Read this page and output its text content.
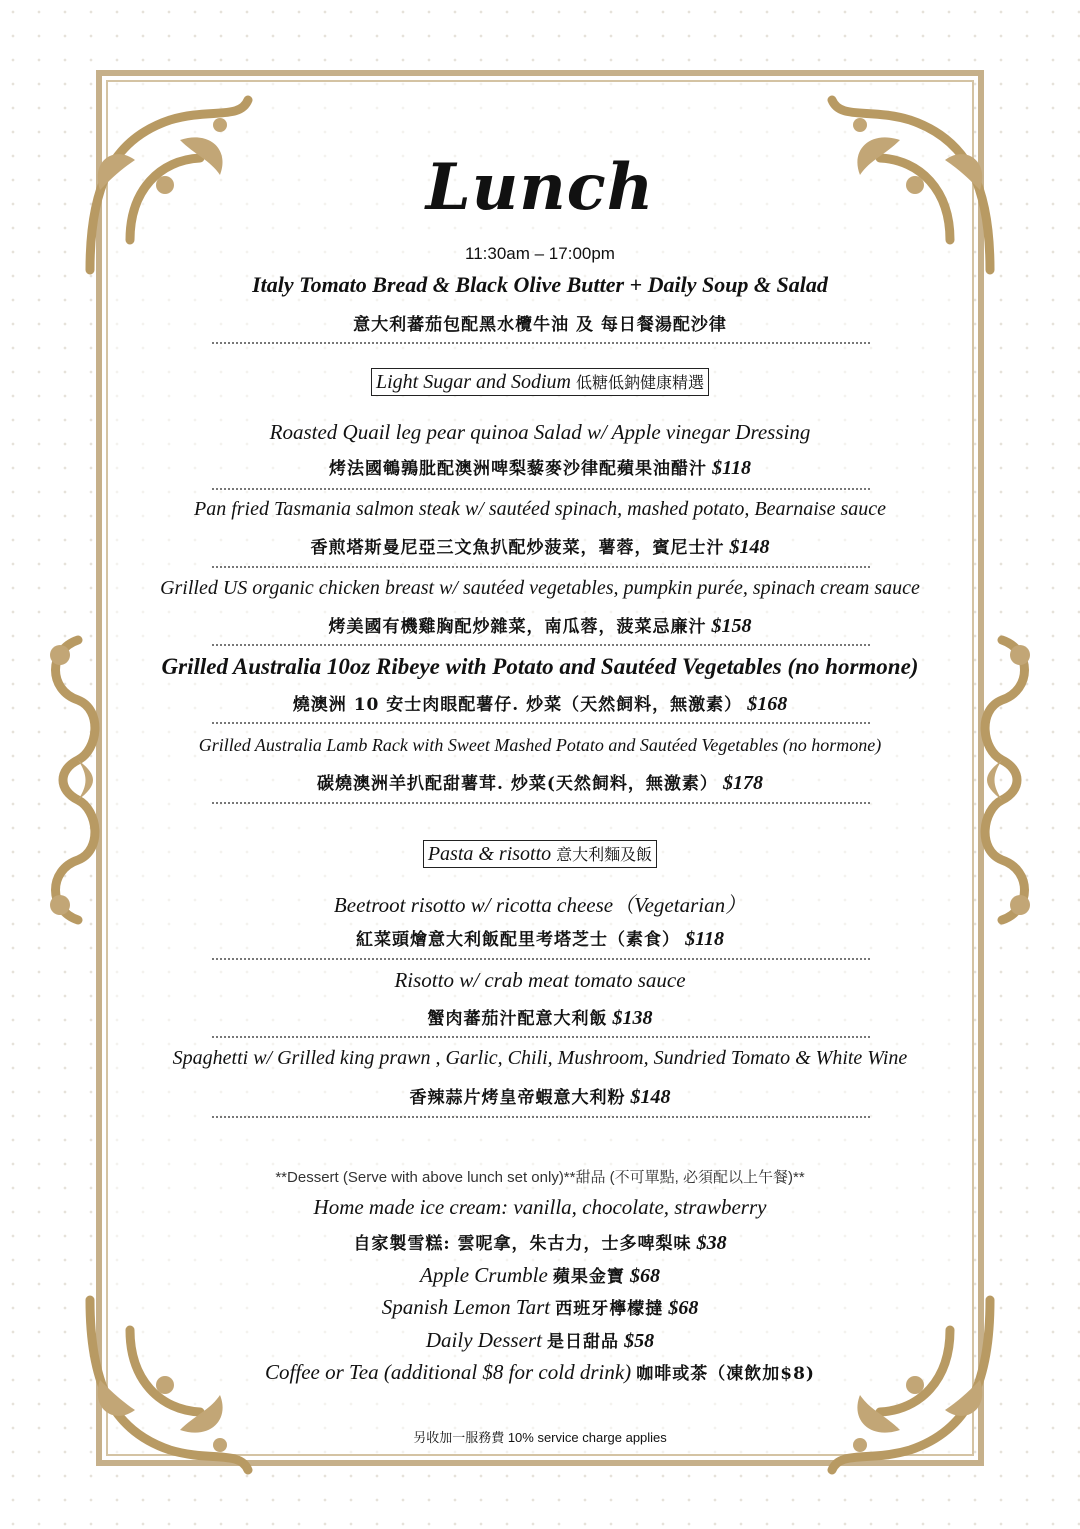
Lunch
11:30am – 17:00pm
Italy Tomato Bread & Black Olive Butter + Daily Soup & Salad
意大利蕃茄包配黑水欖牛油 及 每日餐湯配沙律
Light Sugar and Sodium 低糖低鈉健康精選
Roasted Quail leg pear quinoa Salad w/ Apple vinegar Dressing
烤法國鵪鶉肶配澳洲啤梨藜麥沙律配蘋果油醋汁 $118
Pan fried Tasmania salmon steak w/ sautéed spinach, mashed potato, Bearnaise sauce
香煎塔斯曼尼亞三文魚扒配炒菠菜，薯蓉，賓尼士汁 $148
Grilled US organic chicken breast w/ sautéed vegetables, pumpkin purée, spinach cream sauce
烤美國有機雞胸配炒雜菜，南瓜蓉，菠菜忌廉汁 $158
Grilled Australia 10oz Ribeye with Potato and Sautéed Vegetables (no hormone)
燒澳洲 10 安士肉眼配薯仔. 炒菜（天然飼料，無激素） $168
Grilled Australia Lamb Rack with Sweet Mashed Potato and Sautéed Vegetables (no hormone)
碳燒澳洲羊扒配甜薯茸. 炒菜(天然飼料，無激素） $178
Pasta & risotto 意大利麵及飯
Beetroot risotto w/ ricotta cheese（Vegetarian）
紅菜頭燴意大利飯配里考塔芝士（素食） $118
Risotto w/ crab meat tomato sauce
蟹肉蕃茄汁配意大利飯 $138
Spaghetti w/ Grilled king prawn , Garlic, Chili, Mushroom, Sundried Tomato & White Wine
香辣蒜片烤皇帝蝦意大利粉 $148
**Dessert (Serve with above lunch set only)**甜品 (不可單點, 必須配以上午餐)**
Home made ice cream: vanilla, chocolate, strawberry
自家製雪糕: 雲呢拿，朱古力，士多啤梨味 $38
Apple Crumble 蘋果金寶 $68
Spanish Lemon Tart 西班牙檸檬撻 $68
Daily Dessert 是日甜品 $58
Coffee or Tea (additional $8 for cold drink) 咖啡或茶（凍飲加$8)
另收加一服務費 10% service charge applies
